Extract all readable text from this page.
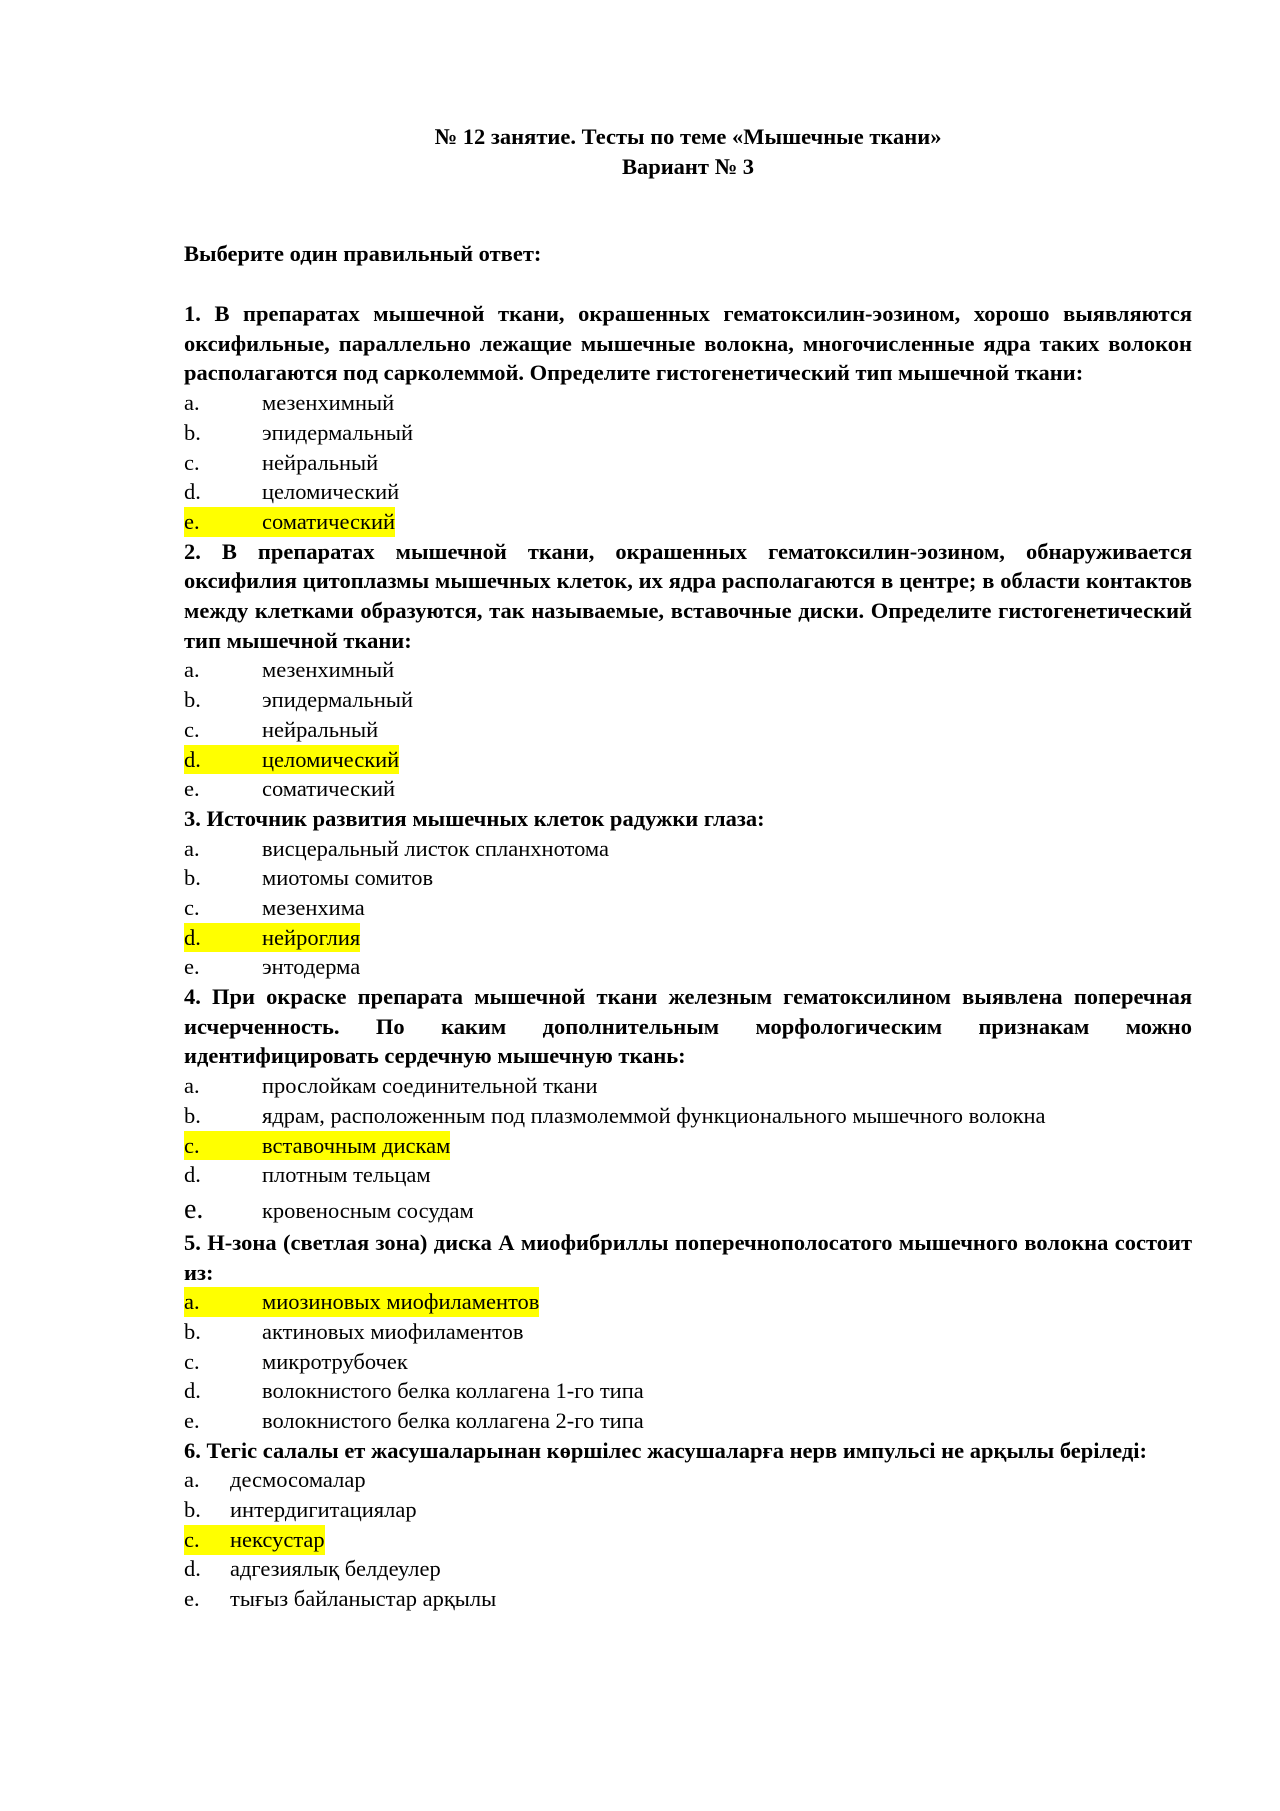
№ 12 занятие. Тесты по теме «Мышечные ткани»
Вариант № 3
Выберите один правильный ответ:
1. В препаратах мышечной ткани, окрашенных гематоксилин-эозином, хорошо выявляются оксифильные, параллельно лежащие мышечные волокна, многочисленные ядра таких волокон располагаются под сарколеммой. Определите гистогенетический тип мышечной ткани:
a.	мезенхимный
b.	эпидермальный
c.	нейральный
d.	целомический
e.	соматический
2. В препаратах мышечной ткани, окрашенных гематоксилин-эозином, обнаруживается оксифилия цитоплазмы мышечных клеток, их ядра располагаются в центре; в области контактов между клетками образуются, так называемые, вставочные диски. Определите гистогенетический тип мышечной ткани:
a.	мезенхимный
b.	эпидермальный
c.	нейральный
d.	целомический
e.	соматический
3. Источник развития мышечных клеток радужки глаза:
a.	висцеральный листок спланхнотома
b.	миотомы сомитов
c.	мезенхима
d.	нейроглия
e.	энтодерма
4. При окраске препарата мышечной ткани железным гематоксилином выявлена поперечная исчерченность. По каким дополнительным морфологическим признакам можно идентифицировать сердечную мышечную ткань:
a.	прослойкам соединительной ткани
b.	ядрам, расположенным под плазмолеммой функционального мышечного волокна
c.	вставочным дискам
d.	плотным тельцам
e.	кровеносным сосудам
5. Н-зона (светлая зона) диска А миофибриллы поперечнополосатого мышечного волокна состоит из:
a.	миозиновых миофиламентов
b.	актиновых миофиламентов
c.	микротрубочек
d.	волокнистого белка коллагена 1-го типа
e.	волокнистого белка коллагена 2-го типа
6. Тегіс салалы ет жасушаларынан көршілес жасушаларға нерв импульсі не арқылы беріледі:
a. десмосомалар
b. интердигитациялар
c. нексустар
d. адгезиялық белдеулер
e. тығыз байланыстар арқылы
